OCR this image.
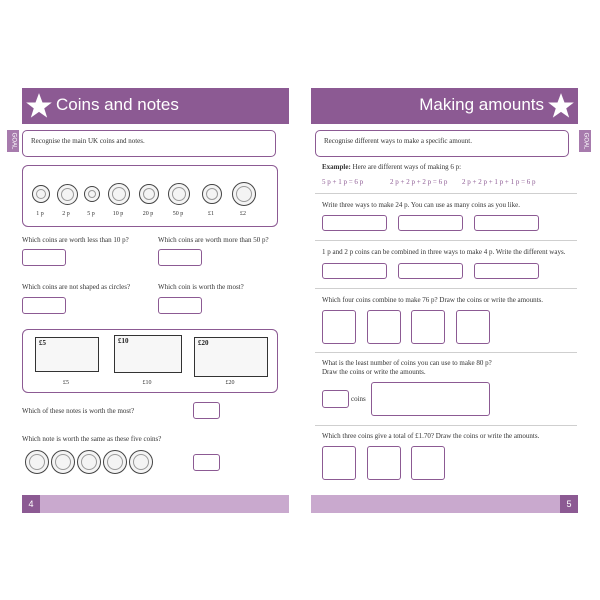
Coins and notes
GOAL Recognise the main UK coins and notes.
1 p	2 p	5 p	10 p	20 p	50 p	£1	£2
Which coins are worth less than 10 p?	Which coins are worth more than 50 p?
Which coins are not shaped as circles?	Which coin is worth the most?
£5	£10	£20
£5	£10	£20
Which of these notes is worth the most?
Which note is worth the same as these five coins?
4
Making amounts
Recognise different ways to make a specific amount.	GOAL
Example: Here are different ways of making 6 p:
5 p + 1 p = 6 p	2 p + 2 p + 2 p = 6 p 2 p + 2 p + 1 p + 1 p = 6 p
Write three ways to make 24 p. You can use as many coins as you like.
1 p and 2 p coins can be combined in three ways to make 4 p. Write the different ways.
Which four coins combine to make 76 p? Draw the coins or write the amounts.
What is the least number of coins you can use to make 80 p?
Draw the coins or write the amounts.
coins
Which three coins give a total of £1.70? Draw the coins or write the amounts.
5
